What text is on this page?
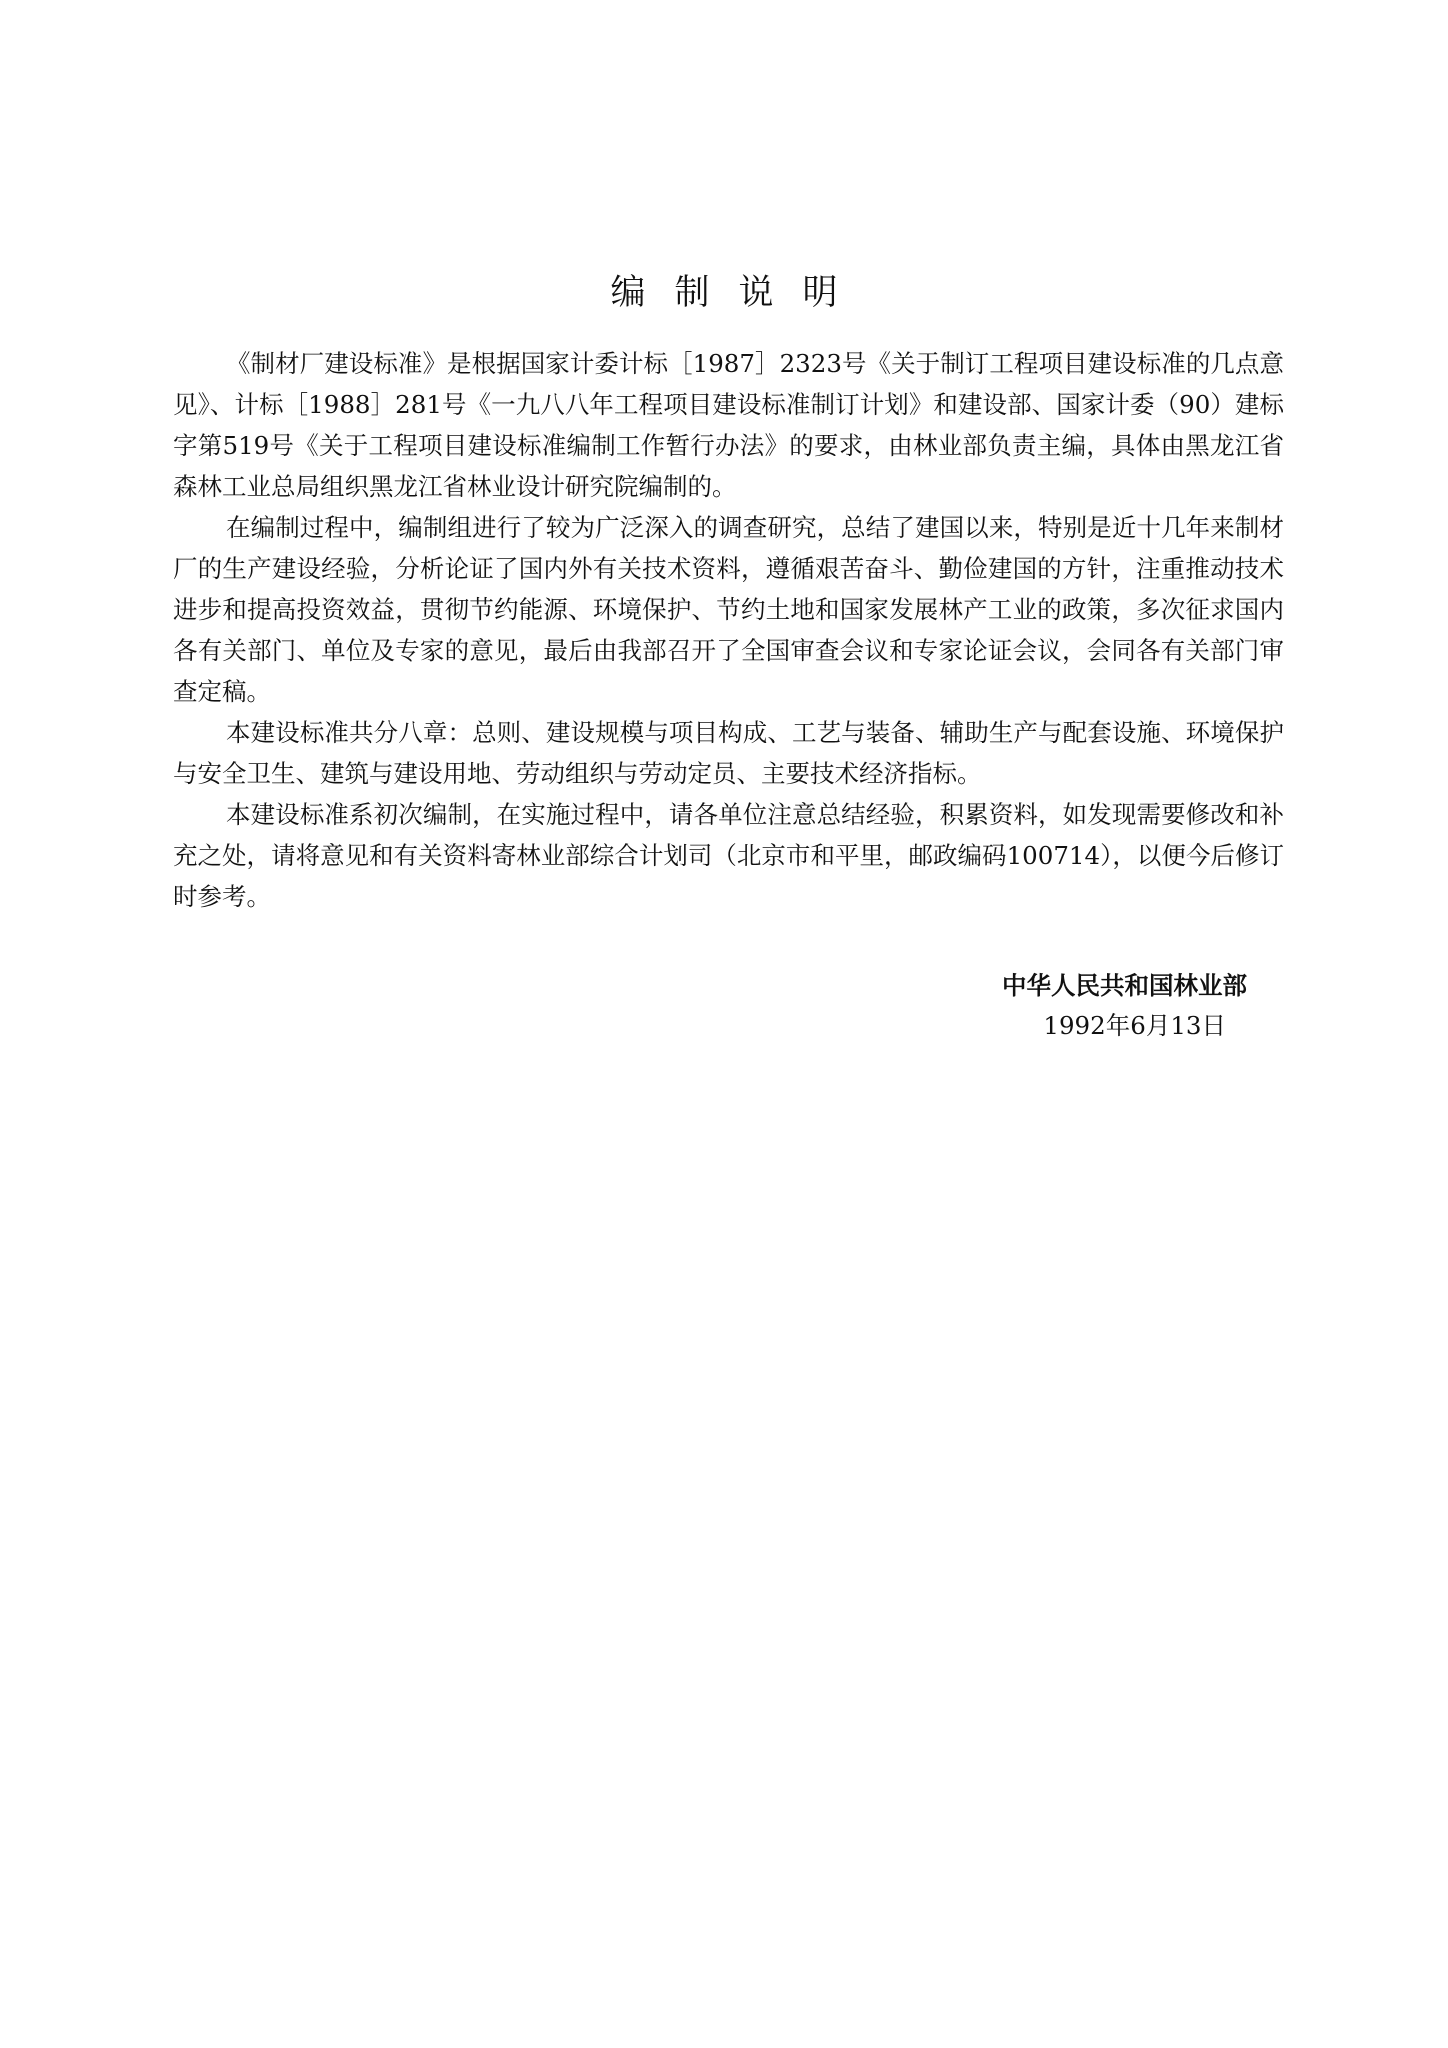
编制说明

《制材厂建设标准》是根据国家计委计标［1987］2323号《关于制订工程项目建设标准的几点意见》、计标［1988］281号《一九八八年工程项目建设标准制订计划》和建设部、国家计委（90）建标字第519号《关于工程项目建设标准编制工作暂行办法》的要求，由林业部负责主编，具体由黑龙江省森林工业总局组织黑龙江省林业设计研究院编制的。

在编制过程中，编制组进行了较为广泛深入的调查研究，总结了建国以来，特别是近十几年来制材厂的生产建设经验，分析论证了国内外有关技术资料，遵循艰苦奋斗、勤俭建国的方针，注重推动技术进步和提高投资效益，贯彻节约能源、环境保护、节约土地和国家发展林产工业的政策，多次征求国内各有关部门、单位及专家的意见，最后由我部召开了全国审查会议和专家论证会议，会同各有关部门审查定稿。

本建设标准共分八章：总则、建设规模与项目构成、工艺与装备、辅助生产与配套设施、环境保护与安全卫生、建筑与建设用地、劳动组织与劳动定员、主要技术经济指标。

本建设标准系初次编制，在实施过程中，请各单位注意总结经验，积累资料，如发现需要修改和补充之处，请将意见和有关资料寄林业部综合计划司（北京市和平里，邮政编码100714），以便今后修订时参考。

中华人民共和国林业部
1992年6月13日
